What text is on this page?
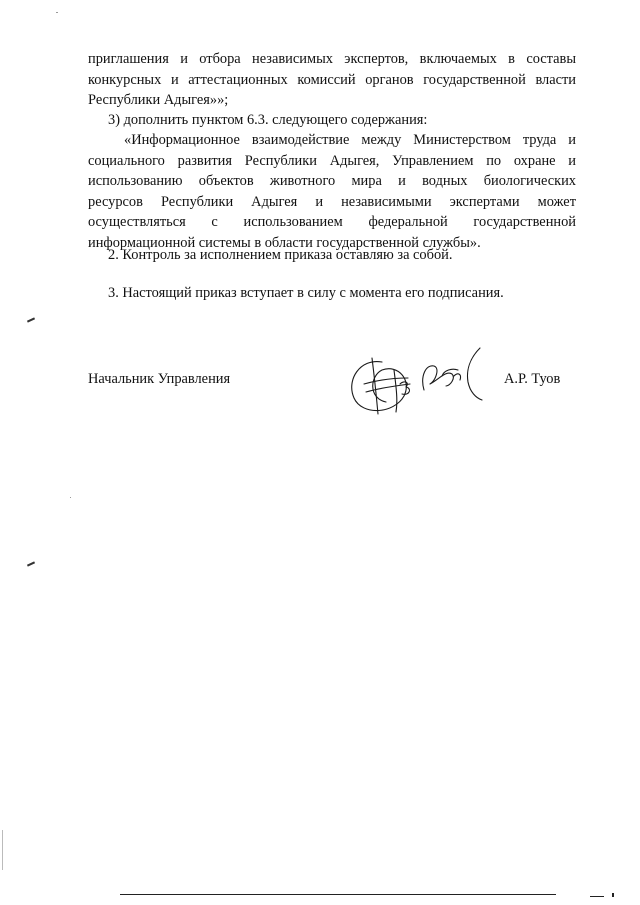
приглашения и отбора независимых экспертов, включаемых в составы
конкурсных и аттестационных комиссий органов государственной власти
Республики Адыгея»»;
3) дополнить пунктом 6.3. следующего содержания:
«Информационное взаимодействие между Министерством труда и
социального развития Республики Адыгея, Управлением по охране и
использованию объектов животного мира и водных биологических
ресурсов Республики Адыгея и независимыми экспертами может
осуществляться с использованием федеральной государственной
информационной системы в области государственной службы».
2. Контроль за исполнением приказа оставляю за собой.
3. Настоящий приказ вступает в силу с момента его подписания.
Начальник Управления	А.Р. Туов
